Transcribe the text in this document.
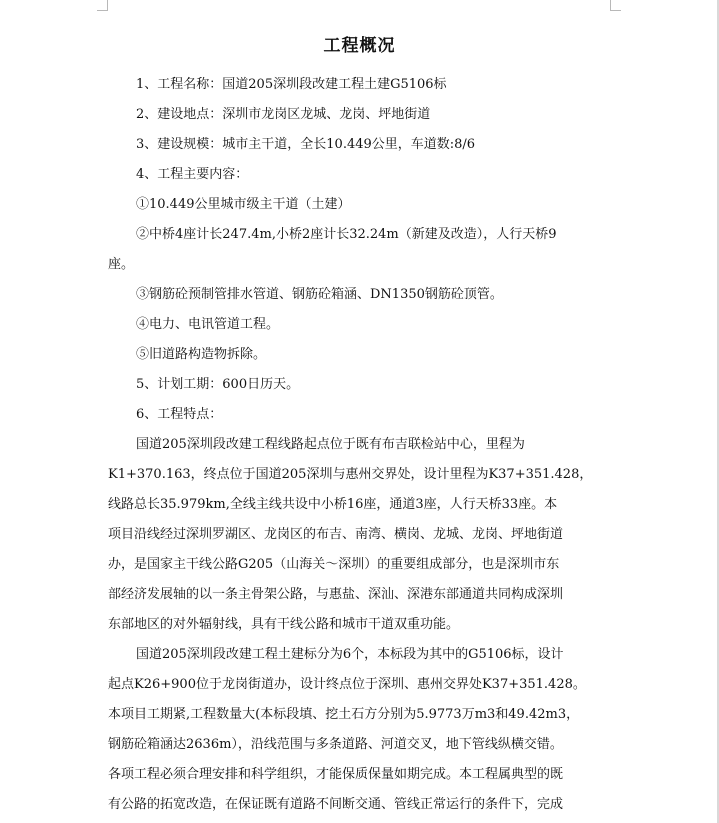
工程概况
1、工程名称：国道205深圳段改建工程土建G5106标
2、建设地点：深圳市龙岗区龙城、龙岗、坪地街道
3、建设规模：城市主干道，全长10.449公里，车道数:8/6
4、工程主要内容：
①10.449公里城市级主干道（土建）
②中桥4座计长247.4m,小桥2座计长32.24m（新建及改造），人行天桥9
座。
③钢筋砼预制管排水管道、钢筋砼箱涵、DN1350钢筋砼顶管。
④电力、电讯管道工程。
⑤旧道路构造物拆除。
5、计划工期：600日历天。
6、工程特点：
国道205深圳段改建工程线路起点位于既有布吉联检站中心，里程为
K1+370.163，终点位于国道205深圳与惠州交界处，设计里程为K37+351.428，
线路总长35.979km,全线主线共设中小桥16座，通道3座，人行天桥33座。本
项目沿线经过深圳罗湖区、龙岗区的布吉、南湾、横岗、龙城、龙岗、坪地街道
办，是国家主干线公路G205（山海关～深圳）的重要组成部分，也是深圳市东
部经济发展轴的以一条主骨架公路，与惠盐、深汕、深港东部通道共同构成深圳
东部地区的对外辐射线，具有干线公路和城市干道双重功能。
国道205深圳段改建工程土建标分为6个，本标段为其中的G5106标，设计
起点K26+900位于龙岗街道办，设计终点位于深圳、惠州交界处K37+351.428。
本项目工期紧,工程数量大(本标段填、挖土石方分别为5.9773万m3和49.42m3，
钢筋砼箱涵达2636m），沿线范围与多条道路、河道交叉，地下管线纵横交错。
各项工程必须合理安排和科学组织，才能保质保量如期完成。本工程属典型的既
有公路的拓宽改造，在保证既有道路不间断交通、管线正常运行的条件下，完成
